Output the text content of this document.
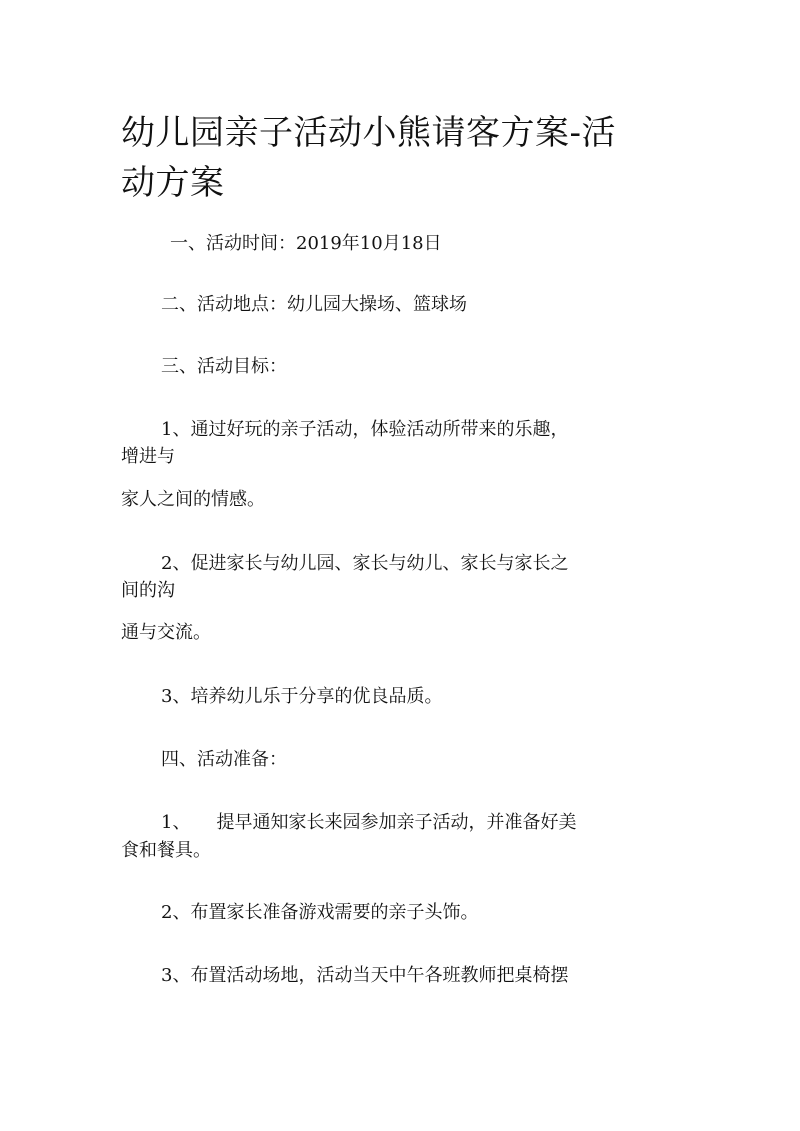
幼儿园亲子活动小熊请客方案-活
动方案

一、活动时间：2019年10月18日

二、活动地点：幼儿园大操场、篮球场

三、活动目标：

1、通过好玩的亲子活动，体验活动所带来的乐趣，

增进与

家人之间的情感。

2、促进家长与幼儿园、家长与幼儿、家长与家长之

间的沟

通与交流。

3、培养幼儿乐于分享的优良品质。

四、活动准备：

1、 提早通知家长来园参加亲子活动，并准备好美

食和餐具。

2、布置家长准备游戏需要的亲子头饰。

3、布置活动场地，活动当天中午各班教师把桌椅摆
